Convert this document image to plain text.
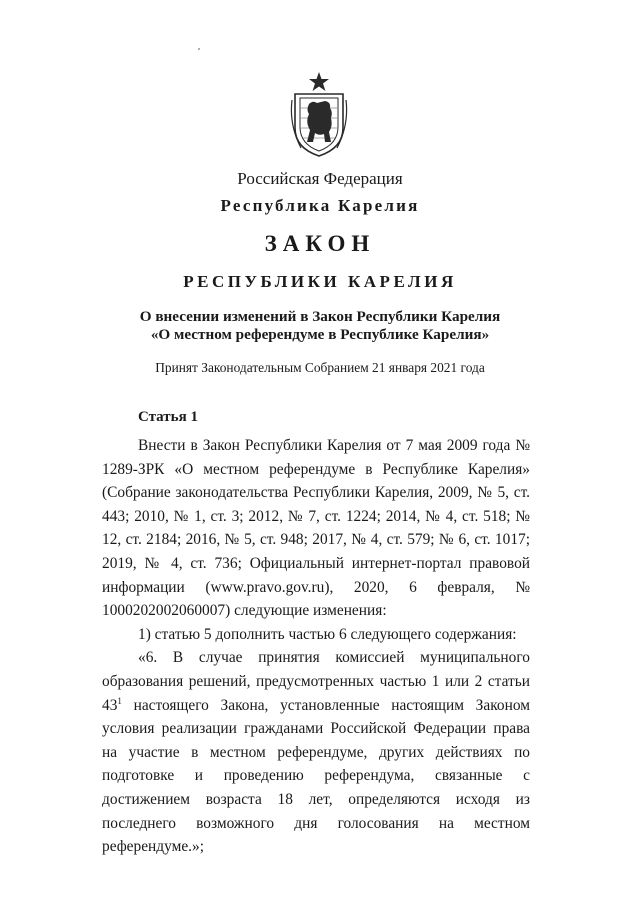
Российская Федерация
Республика Карелия
ЗАКОН
РЕСПУБЛИКИ КАРЕЛИЯ
О внесении изменений в Закон Республики Карелия
«О местном референдуме в Республике Карелия»
Принят Законодательным Собранием 21 января 2021 года
Статья 1

Внести в Закон Республики Карелия от 7 мая 2009 года № 1289-ЗРК «О местном референдуме в Республике Карелия» (Собрание законодательства Республики Карелия, 2009, № 5, ст. 443; 2010, № 1, ст. 3; 2012, № 7, ст. 1224; 2014, № 4, ст. 518; № 12, ст. 2184; 2016, № 5, ст. 948; 2017, № 4, ст. 579; № 6, ст. 1017; 2019, № 4, ст. 736; Официальный интернет-портал правовой информации (www.pravo.gov.ru), 2020, 6 февраля, № 1000202002060007) следующие изменения:

1) статью 5 дополнить частью 6 следующего содержания:

«6. В случае принятия комиссией муниципального образования решений, предусмотренных частью 1 или 2 статьи $43^1$ настоящего Закона, установленные настоящим Законом условия реализации гражданами Российской Федерации права на участие в местном референдуме, других действиях по подготовке и проведению референдума, связанные с достижением возраста 18 лет, определяются исходя из последнего возможного дня голосования на местном референдуме.»;
